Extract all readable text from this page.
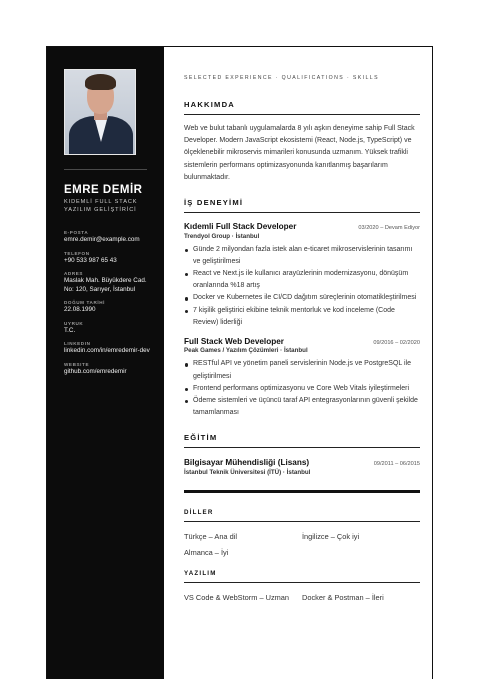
EMRE DEMİR
KIDEMLİ FULL STACK YAZILIM GELİŞTİRİCİ
E-POSTA
emre.demir@example.com
TELEFON
+90 533 987 65 43
ADRES
Maslak Mah. Büyükdere Cad. No: 120, Sarıyer, İstanbul
DOĞUM TARİHİ
22.08.1990
UYRUK
T.C.
LINKEDIN
linkedin.com/in/emredemir-dev
WEBSITE
github.com/emredemir
SELECTED EXPERIENCE · QUALIFICATIONS · SKILLS
HAKKIMDA

Web ve bulut tabanlı uygulamalarda 8 yılı aşkın deneyime sahip Full Stack Developer. Modern JavaScript ekosistemi (React, Node.js, TypeScript) ve ölçeklenebilir mikroservis mimarileri konusunda uzmanım. Yüksek trafikli sistemlerin performans optimizasyonunda kanıtlanmış başarılarım bulunmaktadır.

İŞ DENEYİMİ
Kıdemli Full Stack Developer	03/2020 – Devam Ediyor
Trendyol Group · İstanbul
Günde 2 milyondan fazla istek alan e-ticaret mikroservislerinin tasarımı ve geliştirilmesi
React ve Next.js ile kullanıcı arayüzlerinin modernizasyonu, dönüşüm oranlarında %18 artış
Docker ve Kubernetes ile CI/CD dağıtım süreçlerinin otomatikleştirilmesi
7 kişilik geliştirici ekibine teknik mentorluk ve kod inceleme (Code Review) liderliği
Full Stack Web Developer	09/2016 – 02/2020
Peak Games / Yazılım Çözümleri · İstanbul
RESTful API ve yönetim paneli servislerinin Node.js ve PostgreSQL ile geliştirilmesi
Frontend performans optimizasyonu ve Core Web Vitals iyileştirmeleri
Ödeme sistemleri ve üçüncü taraf API entegrasyonlarının güvenli şekilde tamamlanması
EĞİTİM
Bilgisayar Mühendisliği (Lisans)	09/2011 – 06/2015
İstanbul Teknik Üniversitesi (İTÜ) · İstanbul
DİLLER
Türkçe – Ana dil	İngilizce – Çok iyi
Almanca – İyi
YAZILIM
VS Code & WebStorm – Uzman	Docker & Postman – İleri
